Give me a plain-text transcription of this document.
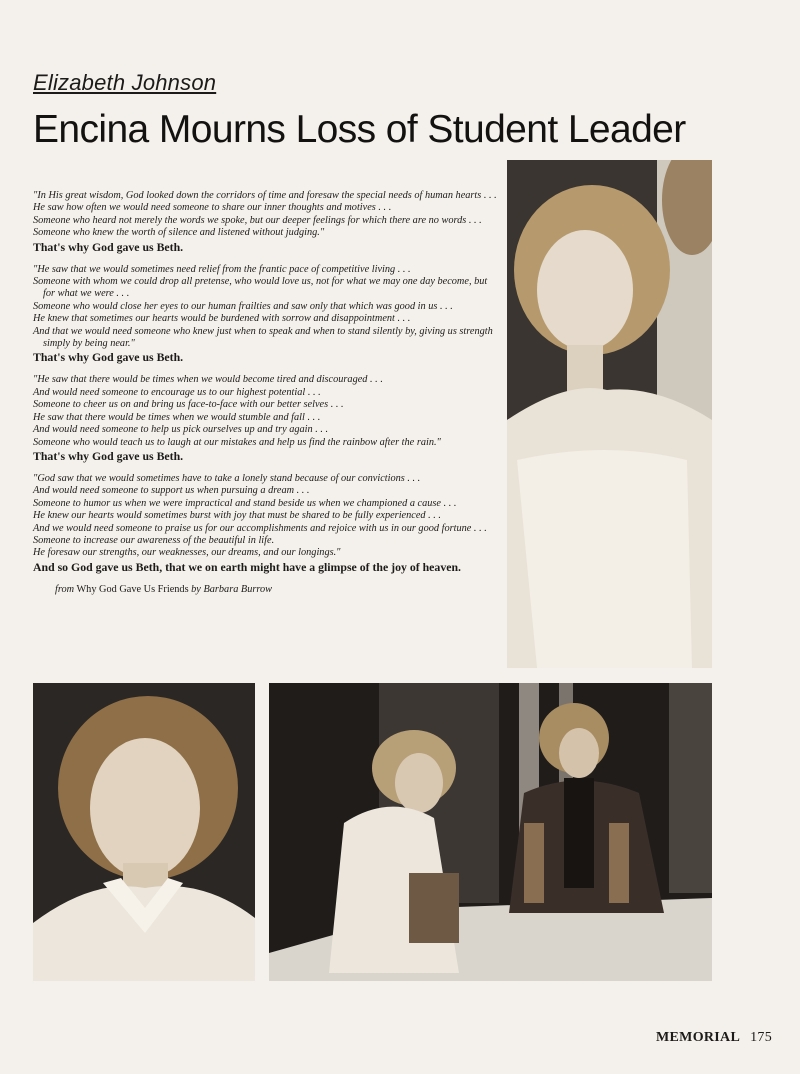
Elizabeth Johnson
Encina Mourns Loss of Student Leader
"In His great wisdom, God looked down the corridors of time and foresaw the special needs of human hearts . . .
He saw how often we would need someone to share our inner thoughts and motives . . .
Someone who heard not merely the words we spoke, but our deeper feelings for which there are no words . . .
Someone who knew the worth of silence and listened without judging."
That's why God gave us Beth.
"He saw that we would sometimes need relief from the frantic pace of competitive living . . .
Someone with whom we could drop all pretense, who would love us, not for what we may one day become, but for what we were . . .
Someone who would close her eyes to our human frailties and saw only that which was good in us . . .
He knew that sometimes our hearts would be burdened with sorrow and disappointment . . .
And that we would need someone who knew just when to speak and when to stand silently by, giving us strength simply by being near."
That's why God gave us Beth.
"He saw that there would be times when we would become tired and discouraged . . .
And would need someone to encourage us to our highest potential . . .
Someone to cheer us on and bring us face-to-face with our better selves . . .
He saw that there would be times when we would stumble and fall . . .
And would need someone to help us pick ourselves up and try again . . .
Someone who would teach us to laugh at our mistakes and help us find the rainbow after the rain."
That's why God gave us Beth.
"God saw that we would sometimes have to take a lonely stand because of our convictions . . .
And would need someone to support us when pursuing a dream . . .
Someone to humor us when we were impractical and stand beside us when we championed a cause . . .
He knew our hearts would sometimes burst with joy that must be shared to be fully experienced . . .
And we would need someone to praise us for our accomplishments and rejoice with us in our good fortune . . .
Someone to increase our awareness of the beautiful in life.
He foresaw our strengths, our weaknesses, our dreams, and our longings."
And so God gave us Beth, that we on earth might have a glimpse of the joy of heaven.
from Why God Gave Us Friends by Barbara Burrow
MEMORIAL 175
